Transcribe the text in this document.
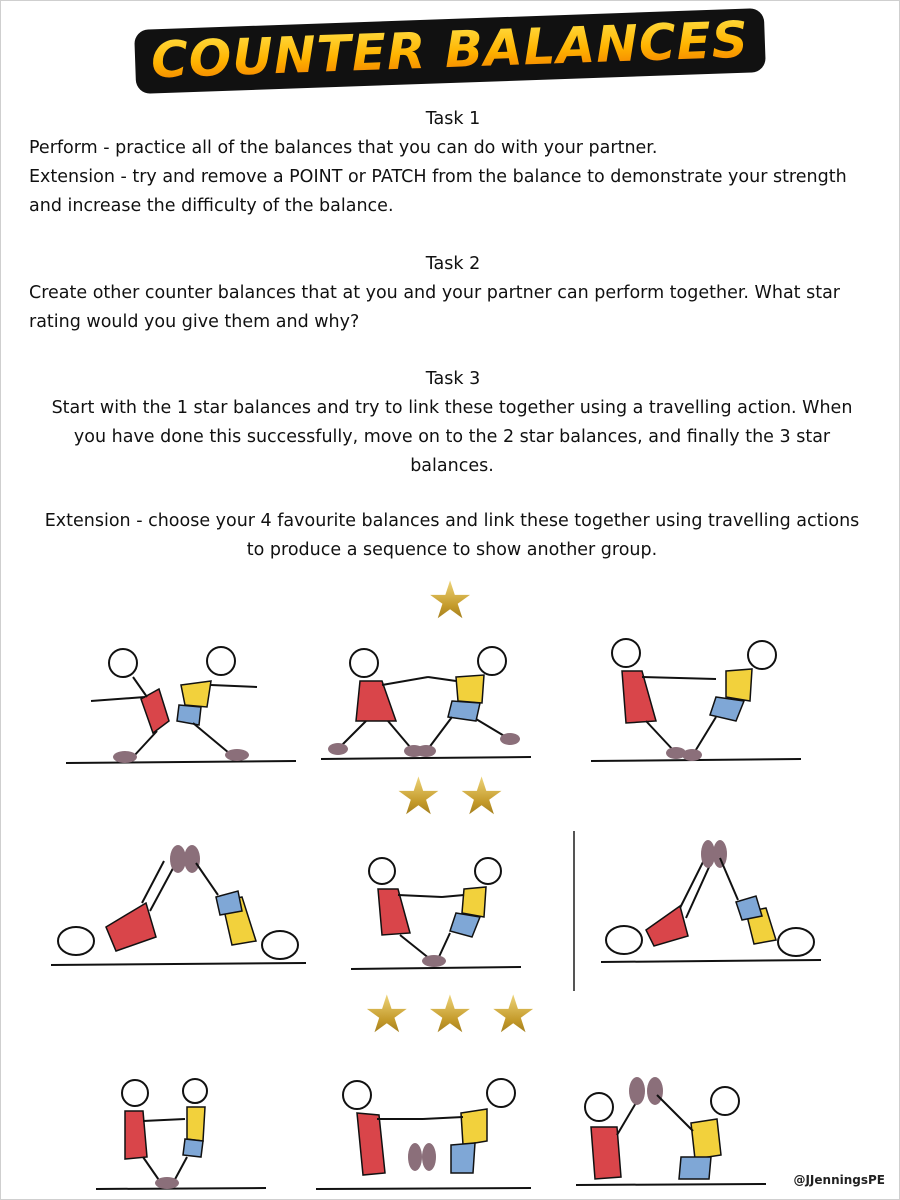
COUNTER BALANCES
Task 1
Perform - practice all of the balances that you can do with your partner.
Extension - try and remove a POINT or PATCH from the balance to demonstrate your strength and increase the difficulty of the balance.
Task 2
Create other counter balances that at you and your partner can perform together. What star rating would you give them and why?
Task 3
Start with the 1 star balances and try to link these together using a travelling action. When you have done this successfully, move on to the 2 star balances, and finally the 3 star balances.
Extension - choose your 4 favourite balances and link these together using travelling actions to produce a sequence to show another group.
★
★ ★
★ ★ ★
@JJenningsPE
